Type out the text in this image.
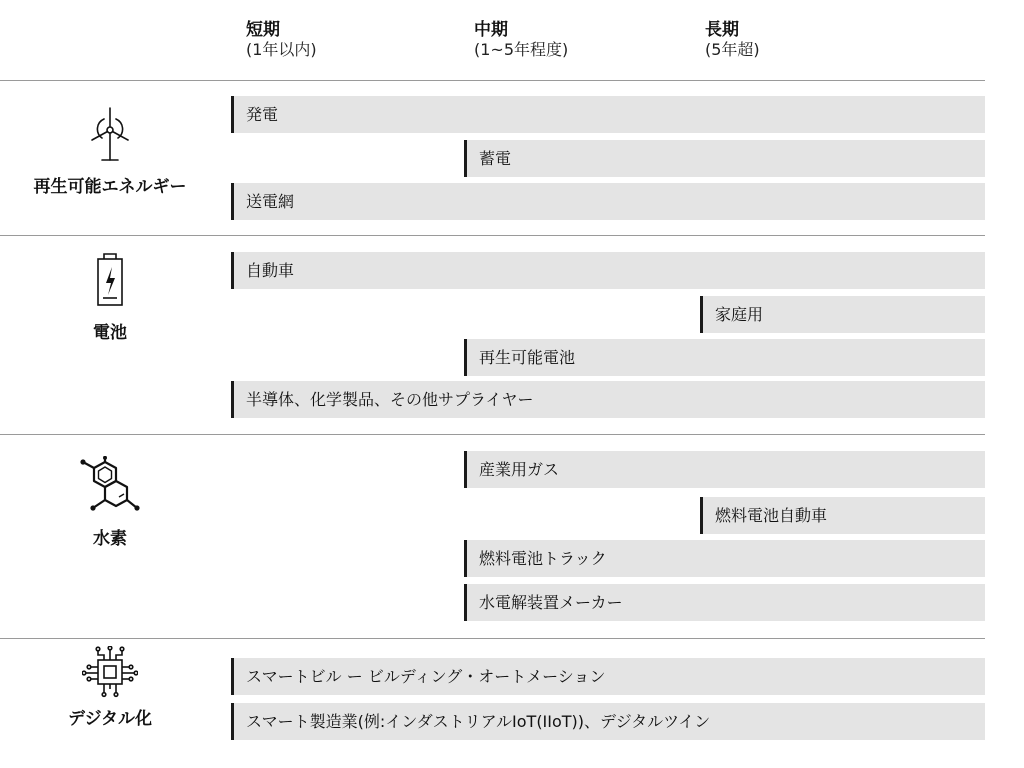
短期
(1年以内)
中期
(1~5年程度)
長期
(5年超)
再生可能エネルギー
発電
蓄電
送電網
電池
自動車
家庭用
再生可能電池
半導体、化学製品、その他サプライヤー
水素
産業用ガス
燃料電池自動車
燃料電池トラック
水電解装置メーカー
デジタル化
スマートビル ー ビルディング・オートメーション
スマート製造業(例:インダストリアルIoT(IIoT))、デジタルツイン
